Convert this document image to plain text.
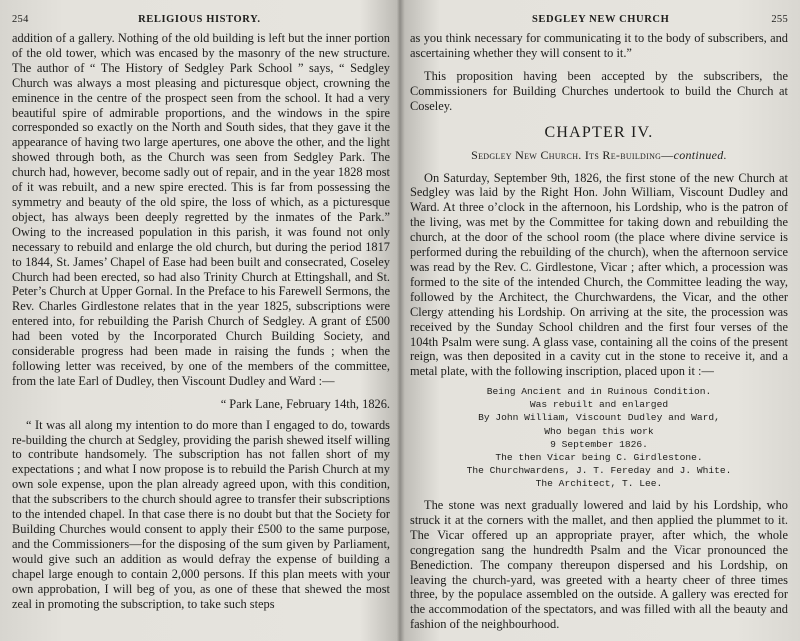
254	RELIGIOUS HISTORY.

addition of a gallery. Nothing of the old building is left but the inner portion of the old tower, which was encased by the masonry of the new structure. The author of “ The History of Sedgley Park School ” says, “ Sedgley Church was always a most pleasing and picturesque object, crowning the eminence in the centre of the prospect seen from the school. It had a very beautiful spire of admirable proportions, and the windows in the spire corresponded so exactly on the North and South sides, that they gave it the appearance of having two large apertures, one above the other, and the light showed through both, as the Church was seen from Sedgley Park. The church had, however, become sadly out of repair, and in the year 1828 most of it was rebuilt, and a new spire erected. This is far from possessing the symmetry and beauty of the old spire, the loss of which, as a picturesque object, has always been deeply regretted by the inmates of the Park.” Owing to the increased population in this parish, it was found not only necessary to rebuild and enlarge the old church, but during the period 1817 to 1844, St. James’ Chapel of Ease had been built and consecrated, Coseley Church had been erected, so had also Trinity Church at Ettingshall, and St. Peter’s Church at Upper Gornal. In the Preface to his Farewell Sermons, the Rev. Charles Girdlestone relates that in the year 1825, subscriptions were entered into, for rebuilding the Parish Church of Sedgley. A grant of £500 had been voted by the Incorporated Church Building Society, and considerable progress had been made in raising the funds ; when the following letter was received, by one of the members of the committee, from the late Earl of Dudley, then Viscount Dudley and Ward :—

“ Park Lane, February 14th, 1826.

“ It was all along my intention to do more than I engaged to do, towards re-building the church at Sedgley, providing the parish shewed itself willing to contribute handsomely. The subscription has not fallen short of my expectations ; and what I now propose is to rebuild the Parish Church at my own sole expense, upon the plan already agreed upon, with this condition, that the subscribers to the church should agree to transfer their subscriptions to the intended chapel. In that case there is no doubt but that the Society for Building Churches would consent to apply their £500 to the same purpose, and the Commissioners—for the disposing of the sum given by Parliament, would give such an addition as would defray the expense of building a chapel large enough to contain 2,000 persons. If this plan meets with your own approbation, I will beg of you, as one of these that shewed the most zeal in promoting the subscription, to take such steps

SEDGLEY NEW CHURCH	255

as you think necessary for communicating it to the body of subscribers, and ascertaining whether they will consent to it.”

This proposition having been accepted by the subscribers, the Commissioners for Building Churches undertook to build the Church at Coseley.

CHAPTER IV.
Sedgley New Church. Its Re-building—continued.

On Saturday, September 9th, 1826, the first stone of the new Church at Sedgley was laid by the Right Hon. John William, Viscount Dudley and Ward. At three o’clock in the afternoon, his Lordship, who is the patron of the living, was met by the Committee for taking down and rebuilding the church, at the door of the school room (the place where divine service is performed during the rebuilding of the church), when the afternoon service was read by the Rev. C. Girdlestone, Vicar ; after which, a procession was formed to the site of the intended Church, the Committee leading the way, followed by the Architect, the Churchwardens, the Vicar, and the other Clergy attending his Lordship. On arriving at the site, the procession was received by the Sunday School children and the first four verses of the 104th Psalm were sung. A glass vase, containing all the coins of the present reign, was then deposited in a cavity cut in the stone to receive it, and a metal plate, with the following inscription, placed upon it :—

Being Ancient and in Ruinous Condition.
Was rebuilt and enlarged
By John William, Viscount Dudley and Ward,
Who began this work
9 September 1826.
The then Vicar being C. Girdlestone.
The Churchwardens, J. T. Fereday and J. White.
The Architect, T. Lee.

The stone was next gradually lowered and laid by his Lordship, who struck it at the corners with the mallet, and then applied the plummet to it. The Vicar offered up an appropriate prayer, after which, the whole congregation sang the hundredth Psalm and the Vicar pronounced the Benediction. The company thereupon dispersed and his Lordship, on leaving the church-yard, was greeted with a hearty cheer of three times three, by the populace assembled on the outside. A gallery was erected for the accommodation of the spectators, and was filled with all the beauty and fashion of the neighbourhood.
